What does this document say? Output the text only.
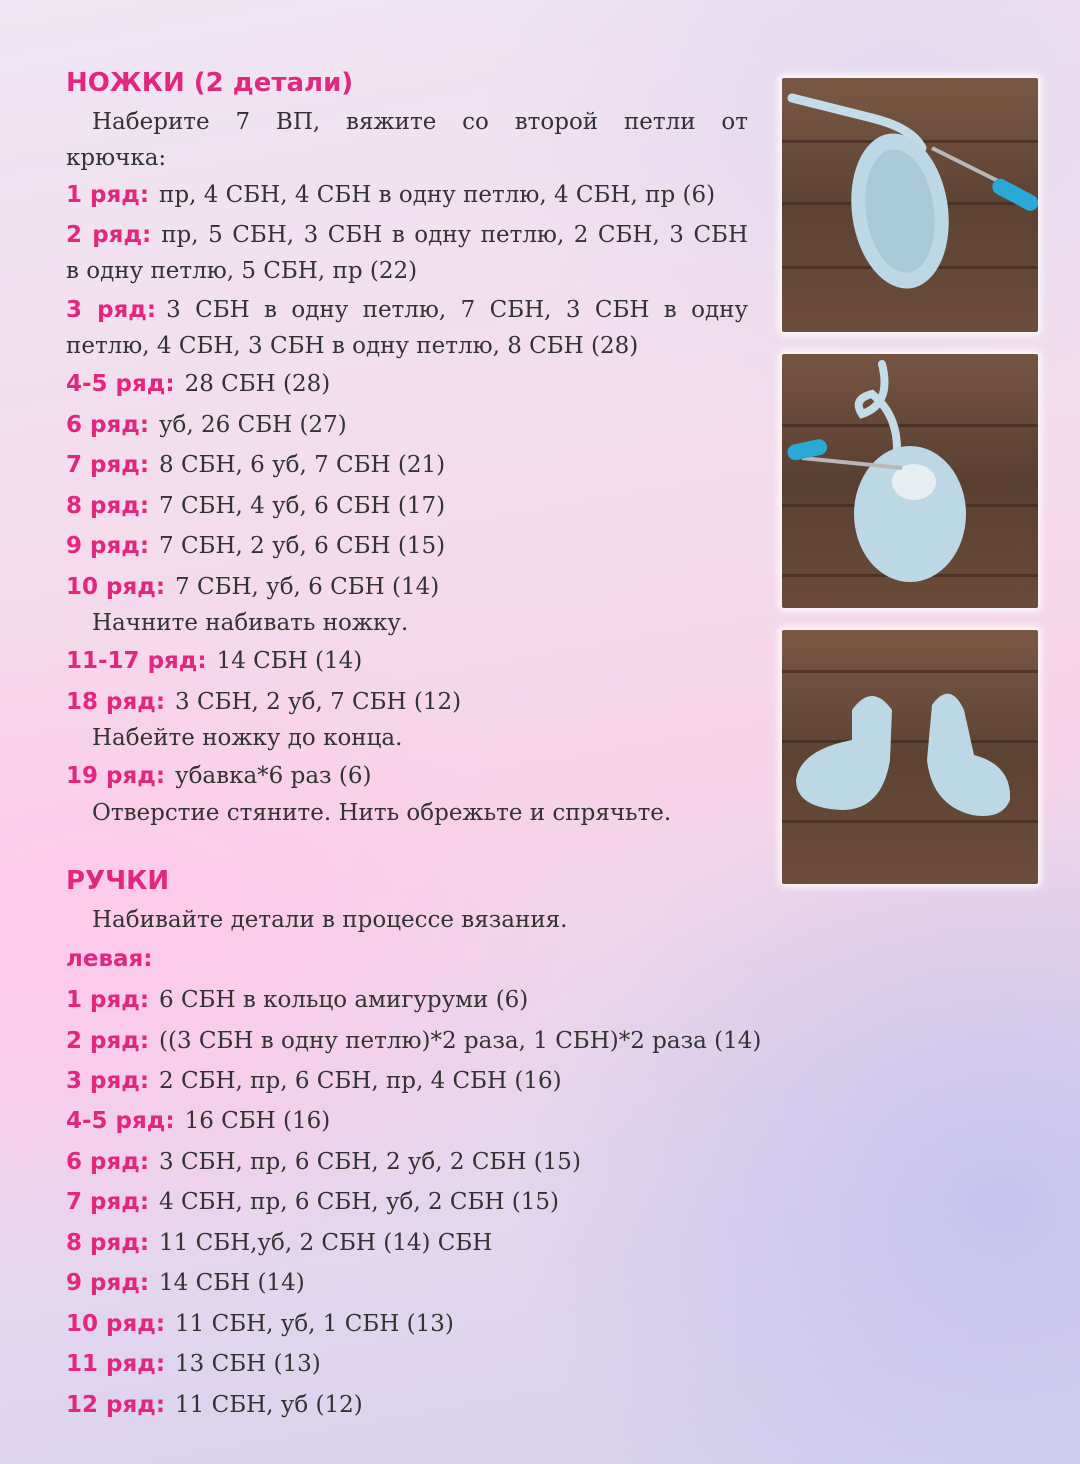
НОЖКИ (2 детали)

Наберите 7 ВП, вяжите со второй петли от

крючка:

1 ряд: пр, 4 СБН, 4 СБН в одну петлю, 4 СБН, пр (6)

2 ряд: пр, 5 СБН, 3 СБН в одну петлю, 2 СБН, 3 СБН

в одну петлю, 5 СБН, пр (22)

3 ряд: 3 СБН в одну петлю, 7 СБН, 3 СБН в одну

петлю, 4 СБН, 3 СБН в одну петлю, 8 СБН (28)

4-5 ряд: 28 СБН (28)

6 ряд: уб, 26 СБН (27)

7 ряд: 8 СБН, 6 уб, 7 СБН (21)

8 ряд: 7 СБН, 4 уб, 6 СБН (17)

9 ряд: 7 СБН, 2 уб, 6 СБН (15)

10 ряд: 7 СБН, уб, 6 СБН (14)

Начните набивать ножку.

11-17 ряд: 14 СБН (14)

18 ряд: 3 СБН, 2 уб, 7 СБН (12)

Набейте ножку до конца.

19 ряд: убавка*6 раз (6)

Отверстие стяните. Нить обрежьте и спрячьте.

РУЧКИ

Набивайте детали в процессе вязания.

левая:

1 ряд: 6 СБН в кольцо амигуруми (6)

2 ряд: ((3 СБН в одну петлю)*2 раза, 1 СБН)*2 раза (14)

3 ряд: 2 СБН, пр, 6 СБН, пр, 4 СБН (16)

4-5 ряд: 16 СБН (16)

6 ряд: 3 СБН, пр, 6 СБН, 2 уб, 2 СБН (15)

7 ряд: 4 СБН, пр, 6 СБН, уб, 2 СБН (15)

8 ряд: 11 СБН,уб, 2 СБН (14) СБН

9 ряд: 14 СБН (14)

10 ряд: 11 СБН, уб, 1 СБН (13)

11 ряд: 13 СБН (13)

12 ряд: 11 СБН, уб (12)
